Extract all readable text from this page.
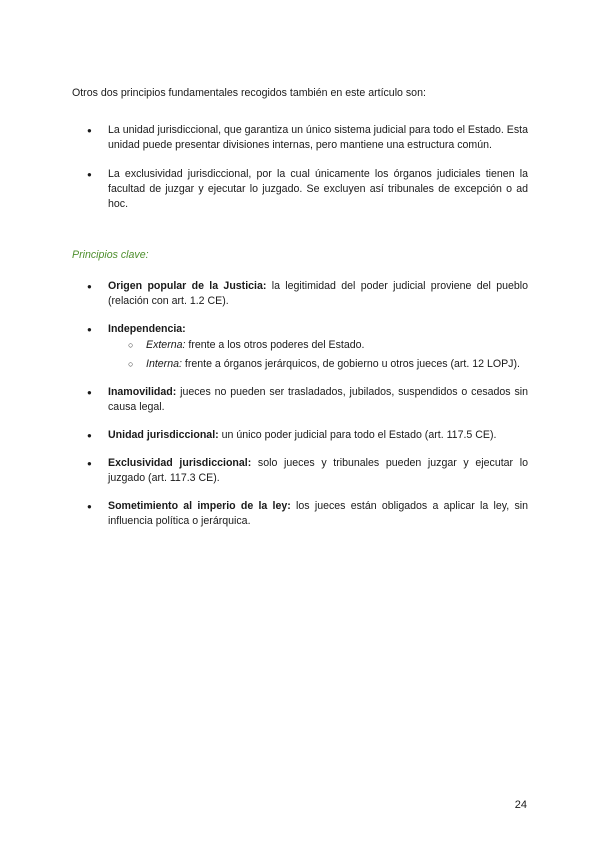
Otros dos principios fundamentales recogidos también en este artículo son:

● La unidad jurisdiccional, que garantiza un único sistema judicial para todo el Estado. Esta unidad puede presentar divisiones internas, pero mantiene una estructura común.
● La exclusividad jurisdiccional, por la cual únicamente los órganos judiciales tienen la facultad de juzgar y ejecutar lo juzgado. Se excluyen así tribunales de excepción o ad hoc.

Principios clave:

● Origen popular de la Justicia: la legitimidad del poder judicial proviene del pueblo (relación con art. 1.2 CE).
● Independencia:
○ Externa: frente a los otros poderes del Estado.
○ Interna: frente a órganos jerárquicos, de gobierno u otros jueces (art. 12 LOPJ).
● Inamovilidad: jueces no pueden ser trasladados, jubilados, suspendidos o cesados sin causa legal.
● Unidad jurisdiccional: un único poder judicial para todo el Estado (art. 117.5 CE).
● Exclusividad jurisdiccional: solo jueces y tribunales pueden juzgar y ejecutar lo juzgado (art. 117.3 CE).
● Sometimiento al imperio de la ley: los jueces están obligados a aplicar la ley, sin influencia política o jerárquica.
24
